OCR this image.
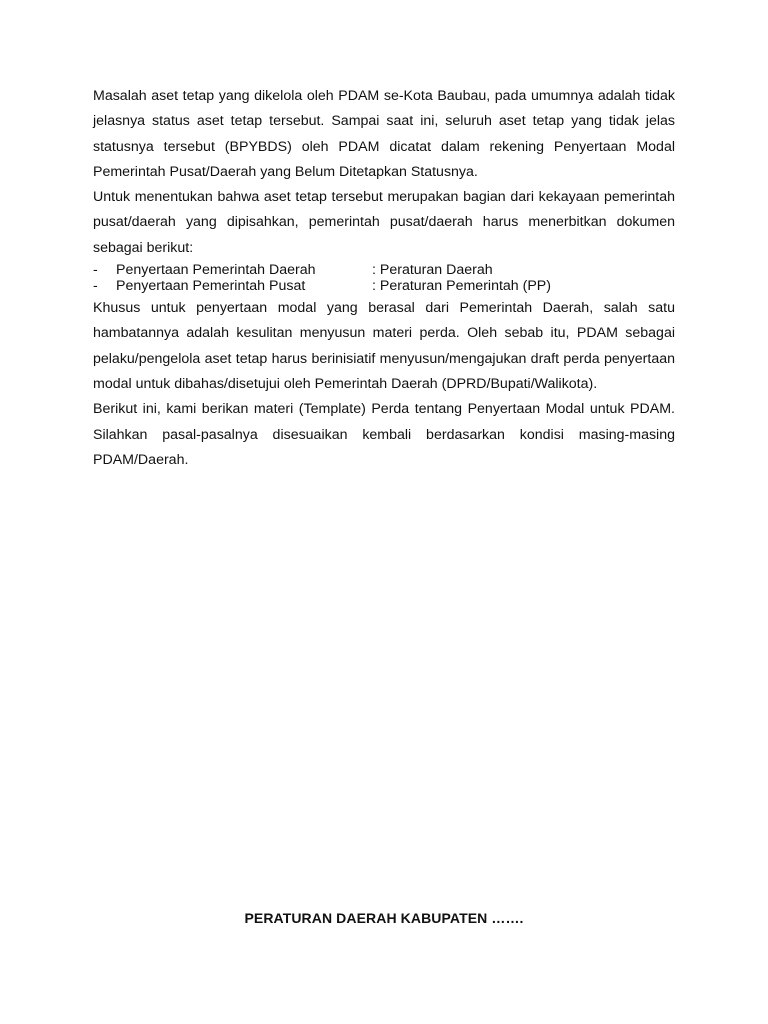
Masalah aset tetap yang dikelola oleh PDAM se-Kota Baubau, pada umumnya adalah tidak jelasnya status aset tetap tersebut. Sampai saat ini, seluruh aset tetap yang tidak jelas statusnya tersebut (BPYBDS) oleh PDAM dicatat dalam rekening Penyertaan Modal Pemerintah Pusat/Daerah yang Belum Ditetapkan Statusnya.

Untuk menentukan bahwa aset tetap tersebut merupakan bagian dari kekayaan pemerintah pusat/daerah yang dipisahkan, pemerintah pusat/daerah harus menerbitkan dokumen sebagai berikut:

-	Penyertaan Pemerintah Daerah	: Peraturan Daerah
-	Penyertaan Pemerintah Pusat	: Peraturan Pemerintah (PP)

Khusus untuk penyertaan modal yang berasal dari Pemerintah Daerah, salah satu hambatannya adalah kesulitan menyusun materi perda. Oleh sebab itu, PDAM sebagai pelaku/pengelola aset tetap harus berinisiatif menyusun/mengajukan draft perda penyertaan modal untuk dibahas/disetujui oleh Pemerintah Daerah (DPRD/Bupati/Walikota).

Berikut ini, kami berikan materi (Template) Perda tentang Penyertaan Modal untuk PDAM. Silahkan pasal-pasalnya disesuaikan kembali berdasarkan kondisi masing-masing PDAM/Daerah.

PERATURAN DAERAH KABUPATEN …….
